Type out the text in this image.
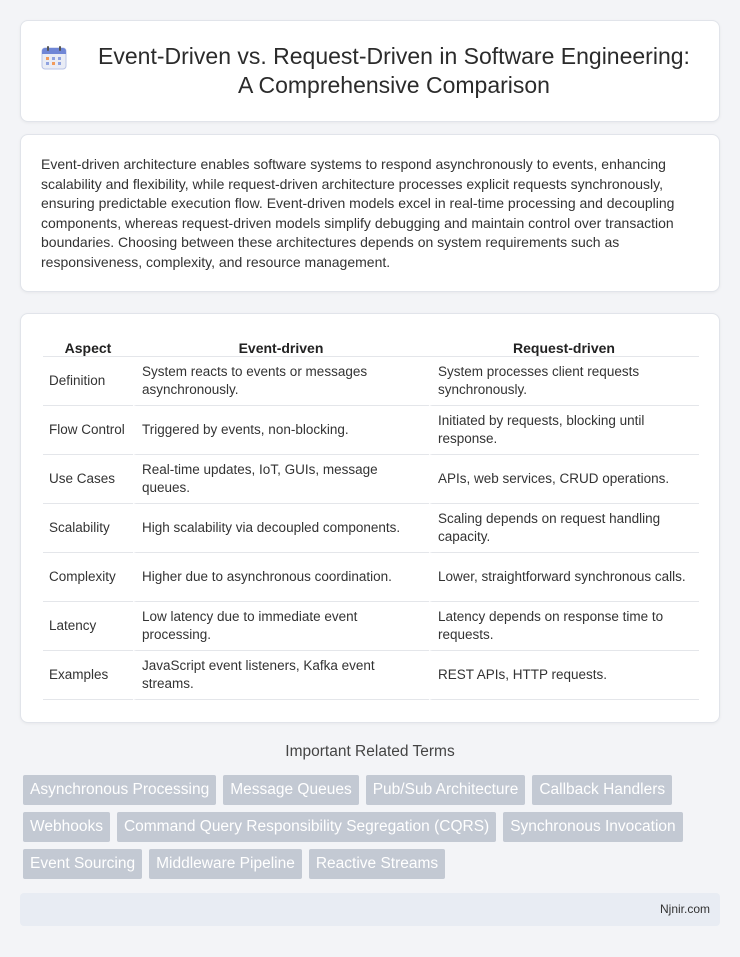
Event-Driven vs. Request-Driven in Software Engineering:
A Comprehensive Comparison

Event-driven architecture enables software systems to respond asynchronously to events, enhancing scalability and flexibility, while request-driven architecture processes explicit requests synchronously, ensuring predictable execution flow. Event-driven models excel in real-time processing and decoupling components, whereas request-driven models simplify debugging and maintain control over transaction boundaries. Choosing between these architectures depends on system requirements such as responsiveness, complexity, and resource management.

Aspect	Event-driven	Request-driven
Definition	System reacts to events or messages asynchronously.	System processes client requests synchronously.
Flow Control	Triggered by events, non-blocking.	Initiated by requests, blocking until response.
Use Cases	Real-time updates, IoT, GUIs, message queues.	APIs, web services, CRUD operations.
Scalability	High scalability via decoupled components.	Scaling depends on request handling capacity.
Complexity	Higher due to asynchronous coordination.	Lower, straightforward synchronous calls.
Latency	Low latency due to immediate event processing.	Latency depends on response time to requests.
Examples	JavaScript event listeners, Kafka event streams.	REST APIs, HTTP requests.
Important Related Terms
Asynchronous Processing	Message Queues	Pub/Sub Architecture	Callback Handlers
Webhooks	Command Query Responsibility Segregation (CQRS)	Synchronous Invocation
Event Sourcing	Middleware Pipeline	Reactive Streams
Njnir.com
